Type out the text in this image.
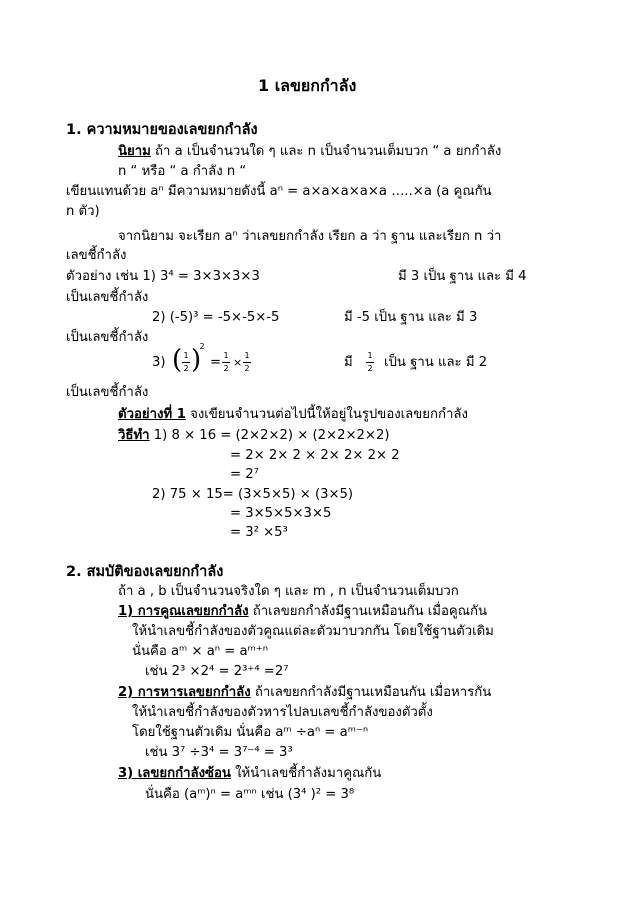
1 เลขยกกำลัง
1. ความหมายของเลขยกกำลัง
นิยาม ถ้า a เป็นจำนวนใด ๆ และ n เป็นจำนวนเต็มบวก “ a ยกกำลัง
n “ หรือ “ a กำลัง n “
เขียนแทนด้วย aⁿ มีความหมายดังนี้ aⁿ = a×a×a×a×a …..×a (a คูณกัน
n ตัว)
จากนิยาม จะเรียก aⁿ ว่าเลขยกกำลัง เรียก a ว่า ฐาน และเรียก n ว่า
เลขชี้กำลัง
ตัวอย่าง เช่น 1) 3⁴ = 3×3×3×3	มี 3 เป็น ฐาน และ มี 4
เป็นเลขชี้กำลัง
2) (-5)³ = -5×-5×-5	มี -5 เป็น ฐาน และ มี 3
เป็นเลขชี้กำลัง
3) ( 1
2 )
2
= 1
2 ×
1
2	มี 1
2 เป็น ฐาน และ มี 2
เป็นเลขชี้กำลัง
ตัวอย่างที่ 1 จงเขียนจำนวนต่อไปนี้ให้อยู่ในรูปของเลขยกกำลัง
วิธีทำ 1) 8 × 16 = (2×2×2) × (2×2×2×2)
= 2× 2× 2 × 2× 2× 2× 2
= 2⁷
2) 75 × 15= (3×5×5) × (3×5)
= 3×5×5×3×5
= 3² ×5³
2. สมบัติของเลขยกกำลัง
ถ้า a , b เป็นจำนวนจริงใด ๆ และ m , n เป็นจำนวนเต็มบวก
1) การคูณเลขยกกำลัง ถ้าเลขยกกำลังมีฐานเหมือนกัน เมื่อคูณกัน
ให้นำเลขชี้กำลังของตัวคูณแต่ละตัวมาบวกกัน โดยใช้ฐานตัวเดิม
นั่นคือ aᵐ × aⁿ = aᵐ⁺ⁿ
เช่น 2³ ×2⁴ = 2³⁺⁴ =2⁷
2) การหารเลขยกกำลัง ถ้าเลขยกกำลังมีฐานเหมือนกัน เมื่อหารกัน
ให้นำเลขชี้กำลังของตัวหารไปลบเลขชี้กำลังของตัวตั้ง
โดยใช้ฐานตัวเดิม นั่นคือ aᵐ ÷aⁿ = aᵐ⁻ⁿ
เช่น 3⁷ ÷3⁴ = 3⁷⁻⁴ = 3³
3) เลขยกกำลังซ้อน ให้นำเลขชี้กำลังมาคูณกัน
นั่นคือ (aᵐ)ⁿ = aᵐⁿ เช่น (3⁴ )² = 3⁸
